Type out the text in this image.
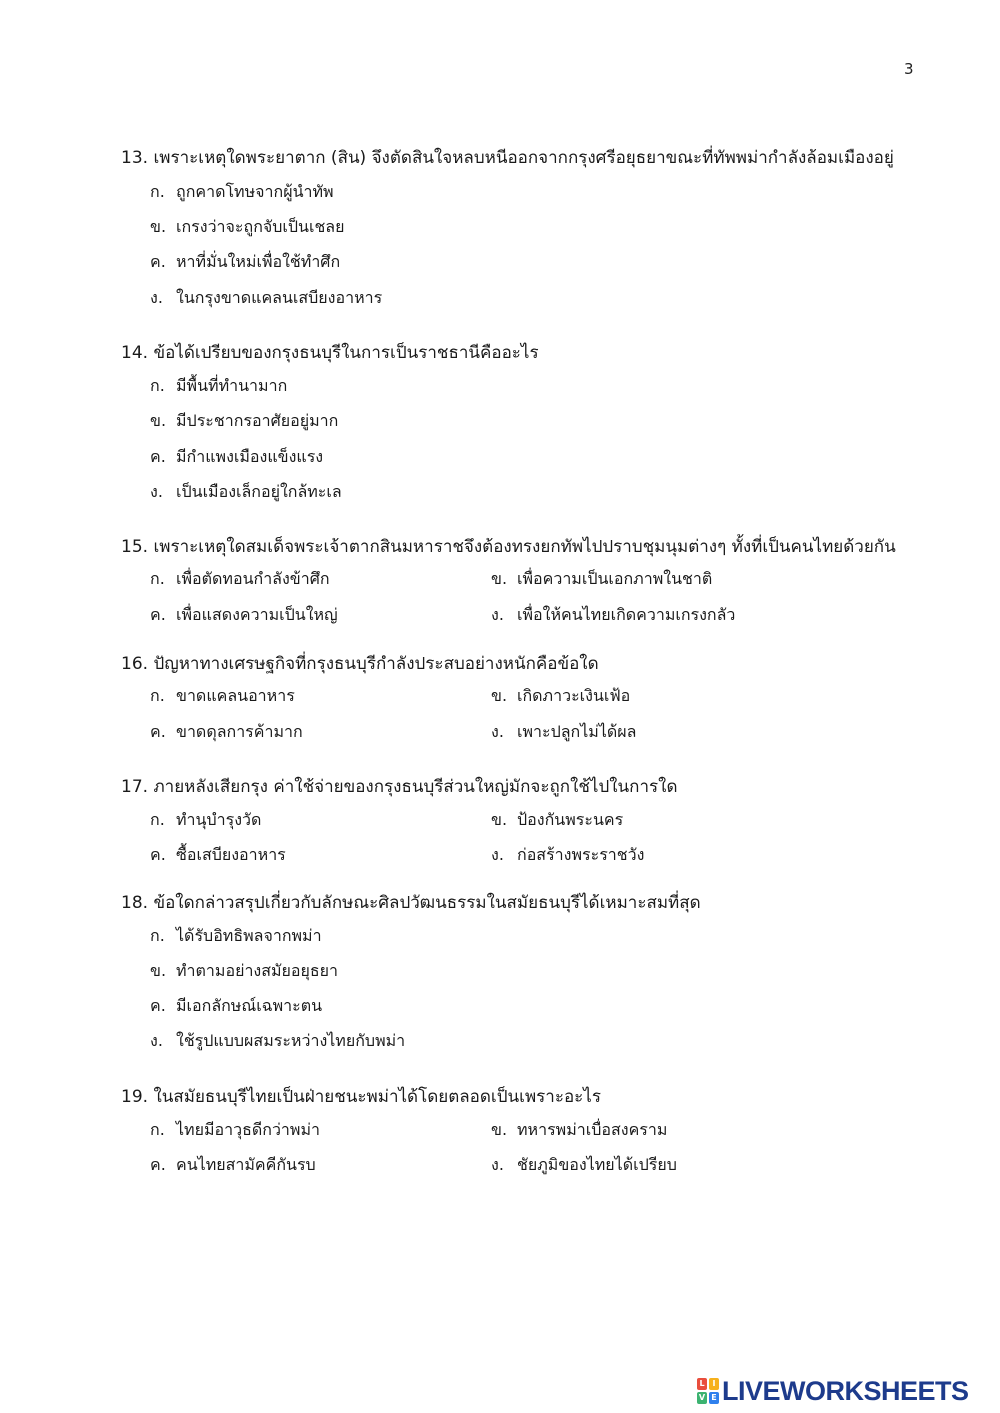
3
13. เพราะเหตุใดพระยาตาก (สิน) จึงตัดสินใจหลบหนีออกจากกรุงศรีอยุธยาขณะที่ทัพพม่ากำลังล้อมเมืองอยู่
ก. ถูกคาดโทษจากผู้นำทัพ
ข. เกรงว่าจะถูกจับเป็นเชลย
ค. หาที่มั่นใหม่เพื่อใช้ทำศึก
ง. ในกรุงขาดแคลนเสบียงอาหาร
14. ข้อได้เปรียบของกรุงธนบุรีในการเป็นราชธานีคืออะไร
ก. มีพื้นที่ทำนามาก
ข. มีประชากรอาศัยอยู่มาก
ค. มีกำแพงเมืองแข็งแรง
ง. เป็นเมืองเล็กอยู่ใกล้ทะเล
15. เพราะเหตุใดสมเด็จพระเจ้าตากสินมหาราชจึงต้องทรงยกทัพไปปราบชุมนุมต่างๆ ทั้งที่เป็นคนไทยด้วยกัน
ก. เพื่อตัดทอนกำลังข้าศึก	ข. เพื่อความเป็นเอกภาพในชาติ
ค. เพื่อแสดงความเป็นใหญ่	ง. เพื่อให้คนไทยเกิดความเกรงกลัว
16. ปัญหาทางเศรษฐกิจที่กรุงธนบุรีกำลังประสบอย่างหนักคือข้อใด
ก. ขาดแคลนอาหาร	ข. เกิดภาวะเงินเฟ้อ
ค. ขาดดุลการค้ามาก	ง. เพาะปลูกไม่ได้ผล
17. ภายหลังเสียกรุง ค่าใช้จ่ายของกรุงธนบุรีส่วนใหญ่มักจะถูกใช้ไปในการใด
ก. ทำนุบำรุงวัด	ข. ป้องกันพระนคร
ค. ซื้อเสบียงอาหาร	ง. ก่อสร้างพระราชวัง
18. ข้อใดกล่าวสรุปเกี่ยวกับลักษณะศิลปวัฒนธรรมในสมัยธนบุรีได้เหมาะสมที่สุด
ก. ได้รับอิทธิพลจากพม่า
ข. ทำตามอย่างสมัยอยุธยา
ค. มีเอกลักษณ์เฉพาะตน
ง. ใช้รูปแบบผสมระหว่างไทยกับพม่า
19. ในสมัยธนบุรีไทยเป็นฝ่ายชนะพม่าได้โดยตลอดเป็นเพราะอะไร
ก. ไทยมีอาวุธดีกว่าพม่า	ข. ทหารพม่าเบื่อสงคราม
ค. คนไทยสามัคคีกันรบ	ง. ชัยภูมิของไทยได้เปรียบ
L I
V E LIVEWORKSHEETS
